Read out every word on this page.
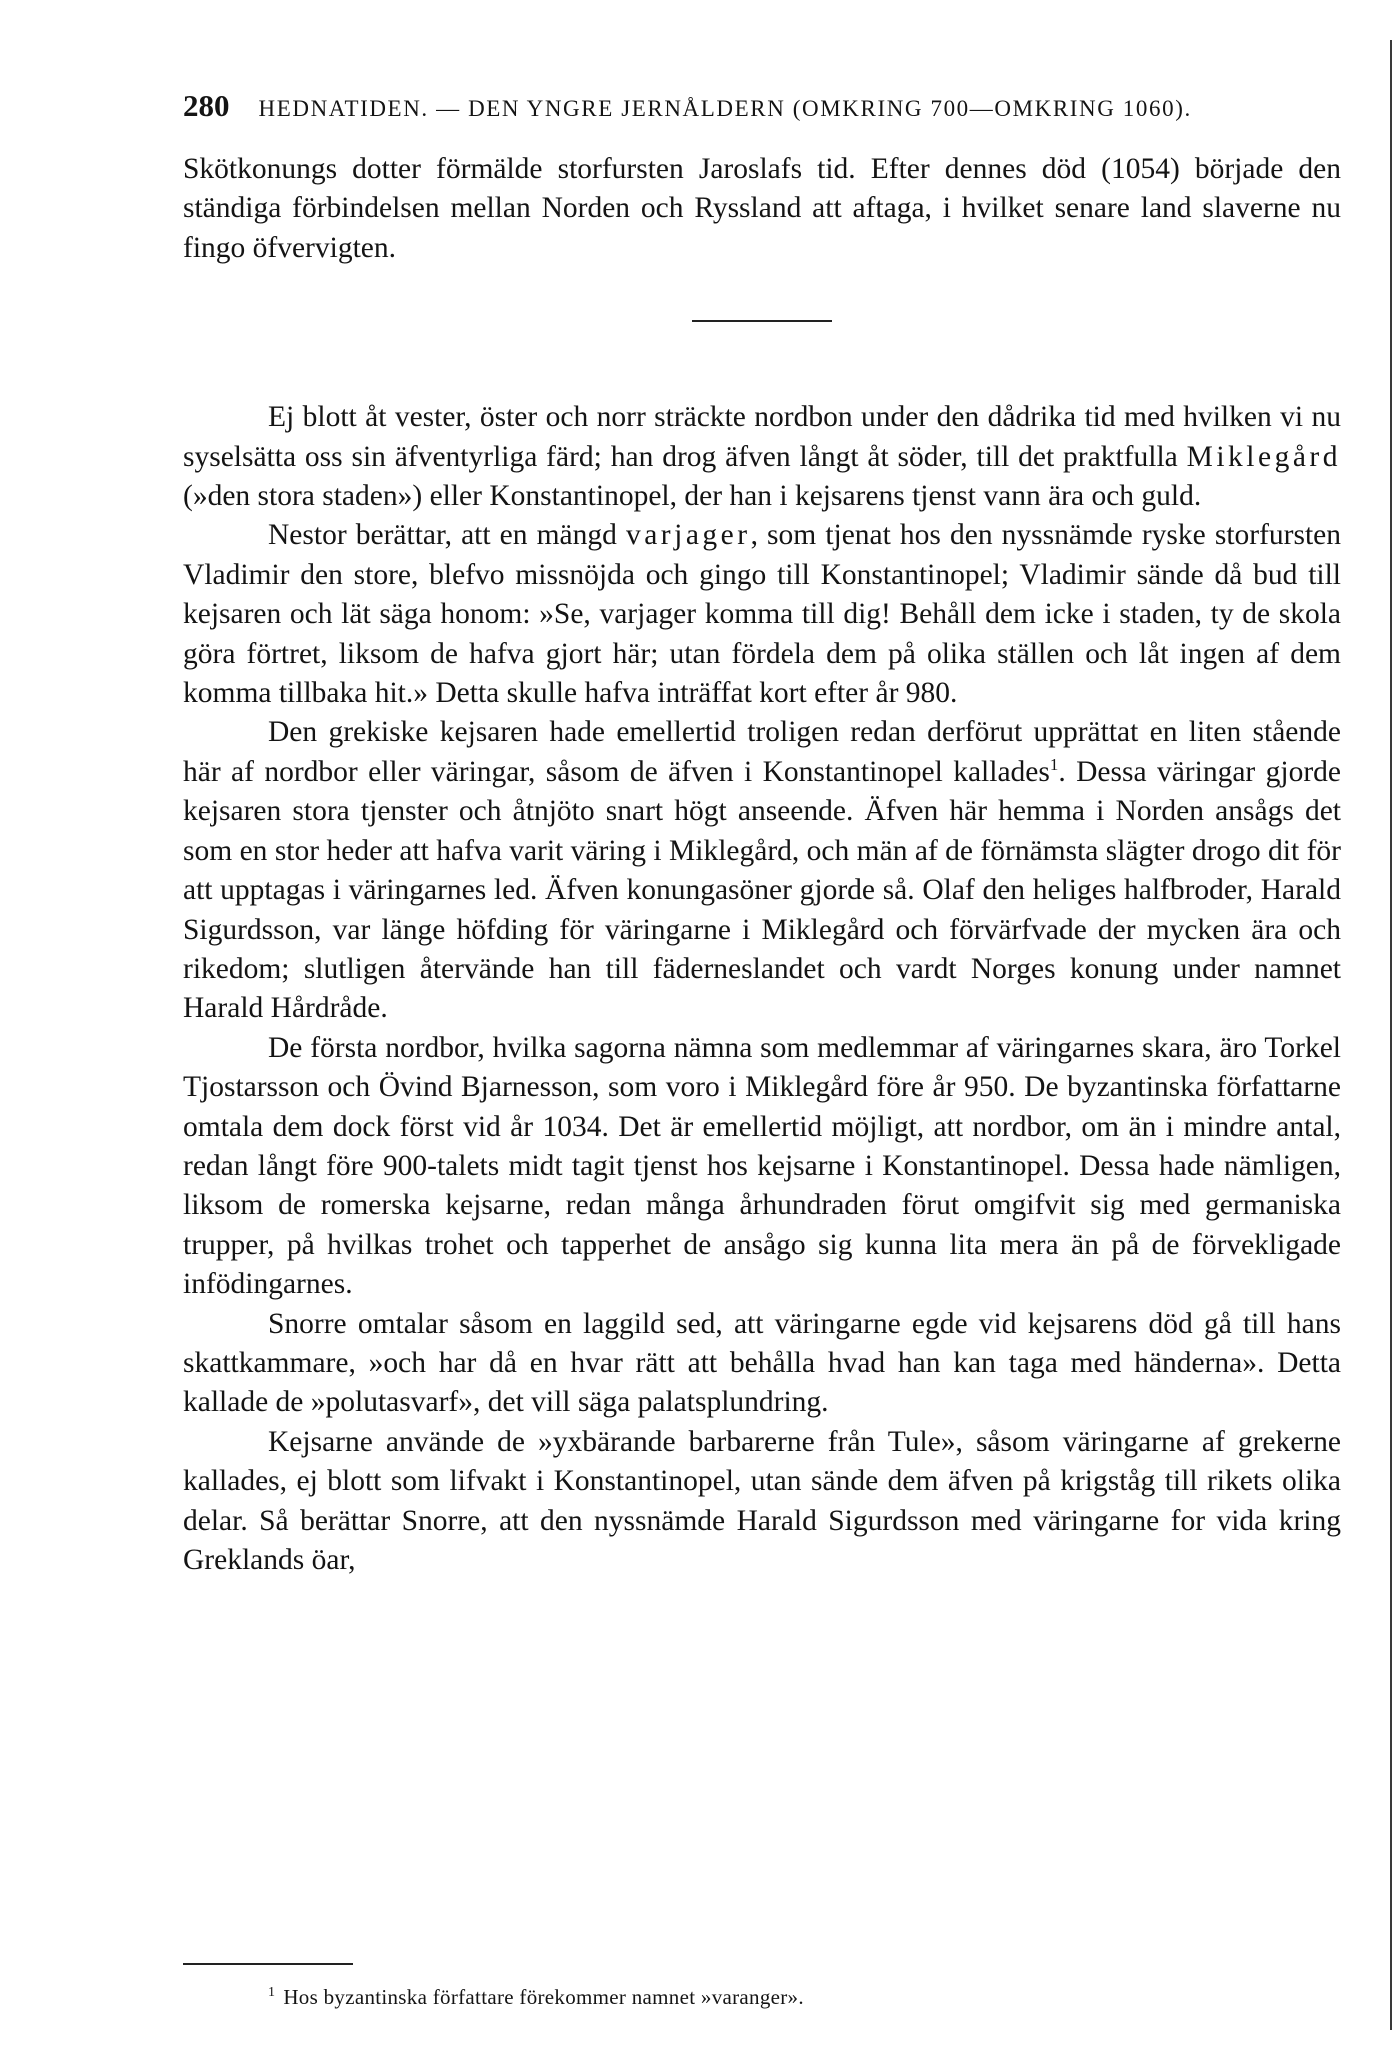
280 HEDNATIDEN. — DEN YNGRE JERNÅLDERN (OMKRING 700—OMKRING 1060).

Skötkonungs dotter förmälde storfursten Jaroslafs tid. Efter dennes död (1054) började den ständiga förbindelsen mellan Norden och Ryssland att aftaga, i hvilket senare land slaverne nu fingo öfvervigten.

Ej blott åt vester, öster och norr sträckte nordbon under den dådrika tid med hvilken vi nu syselsätta oss sin äfventyrliga färd; han drog äfven långt åt söder, till det praktfulla Miklegård (»den stora staden») eller Konstantinopel, der han i kejsarens tjenst vann ära och guld.

Nestor berättar, att en mängd varjager, som tjenat hos den nyssnämde ryske storfursten Vladimir den store, blefvo missnöjda och gingo till Konstantinopel; Vladimir sände då bud till kejsaren och lät säga honom: »Se, varjager komma till dig! Behåll dem icke i staden, ty de skola göra förtret, liksom de hafva gjort här; utan fördela dem på olika ställen och låt ingen af dem komma tillbaka hit.» Detta skulle hafva inträffat kort efter år 980.

Den grekiske kejsaren hade emellertid troligen redan derförut upprättat en liten stående här af nordbor eller väringar, såsom de äfven i Konstantinopel kallades$^1$. Dessa väringar gjorde kejsaren stora tjenster och åtnjöto snart högt anseende. Äfven här hemma i Norden ansågs det som en stor heder att hafva varit väring i Miklegård, och män af de förnämsta slägter drogo dit för att upptagas i väringarnes led. Äfven konungasöner gjorde så. Olaf den heliges halfbroder, Harald Sigurdsson, var länge höfding för väringarne i Miklegård och förvärfvade der mycken ära och rikedom; slutligen återvände han till fäderneslandet och vardt Norges konung under namnet Harald Hårdråde.

De första nordbor, hvilka sagorna nämna som medlemmar af väringarnes skara, äro Torkel Tjostarsson och Övind Bjarnesson, som voro i Miklegård före år 950. De byzantinska författarne omtala dem dock först vid år 1034. Det är emellertid möjligt, att nordbor, om än i mindre antal, redan långt före 900-talets midt tagit tjenst hos kejsarne i Konstantinopel. Dessa hade nämligen, liksom de romerska kejsarne, redan många århundraden förut omgifvit sig med germaniska trupper, på hvilkas trohet och tapperhet de ansågo sig kunna lita mera än på de förvekligade infödingarnes.

Snorre omtalar såsom en laggild sed, att väringarne egde vid kejsarens död gå till hans skattkammare, »och har då en hvar rätt att behålla hvad han kan taga med händerna». Detta kallade de »polutasvarf», det vill säga palatsplundring.

Kejsarne använde de »yxbärande barbarerne från Tule», såsom väringarne af grekerne kallades, ej blott som lifvakt i Konstantinopel, utan sände dem äfven på krigståg till rikets olika delar. Så berättar Snorre, att den nyssnämde Harald Sigurdsson med väringarne for vida kring Greklands öar,

$^1$ Hos byzantinska författare förekommer namnet »varanger».
